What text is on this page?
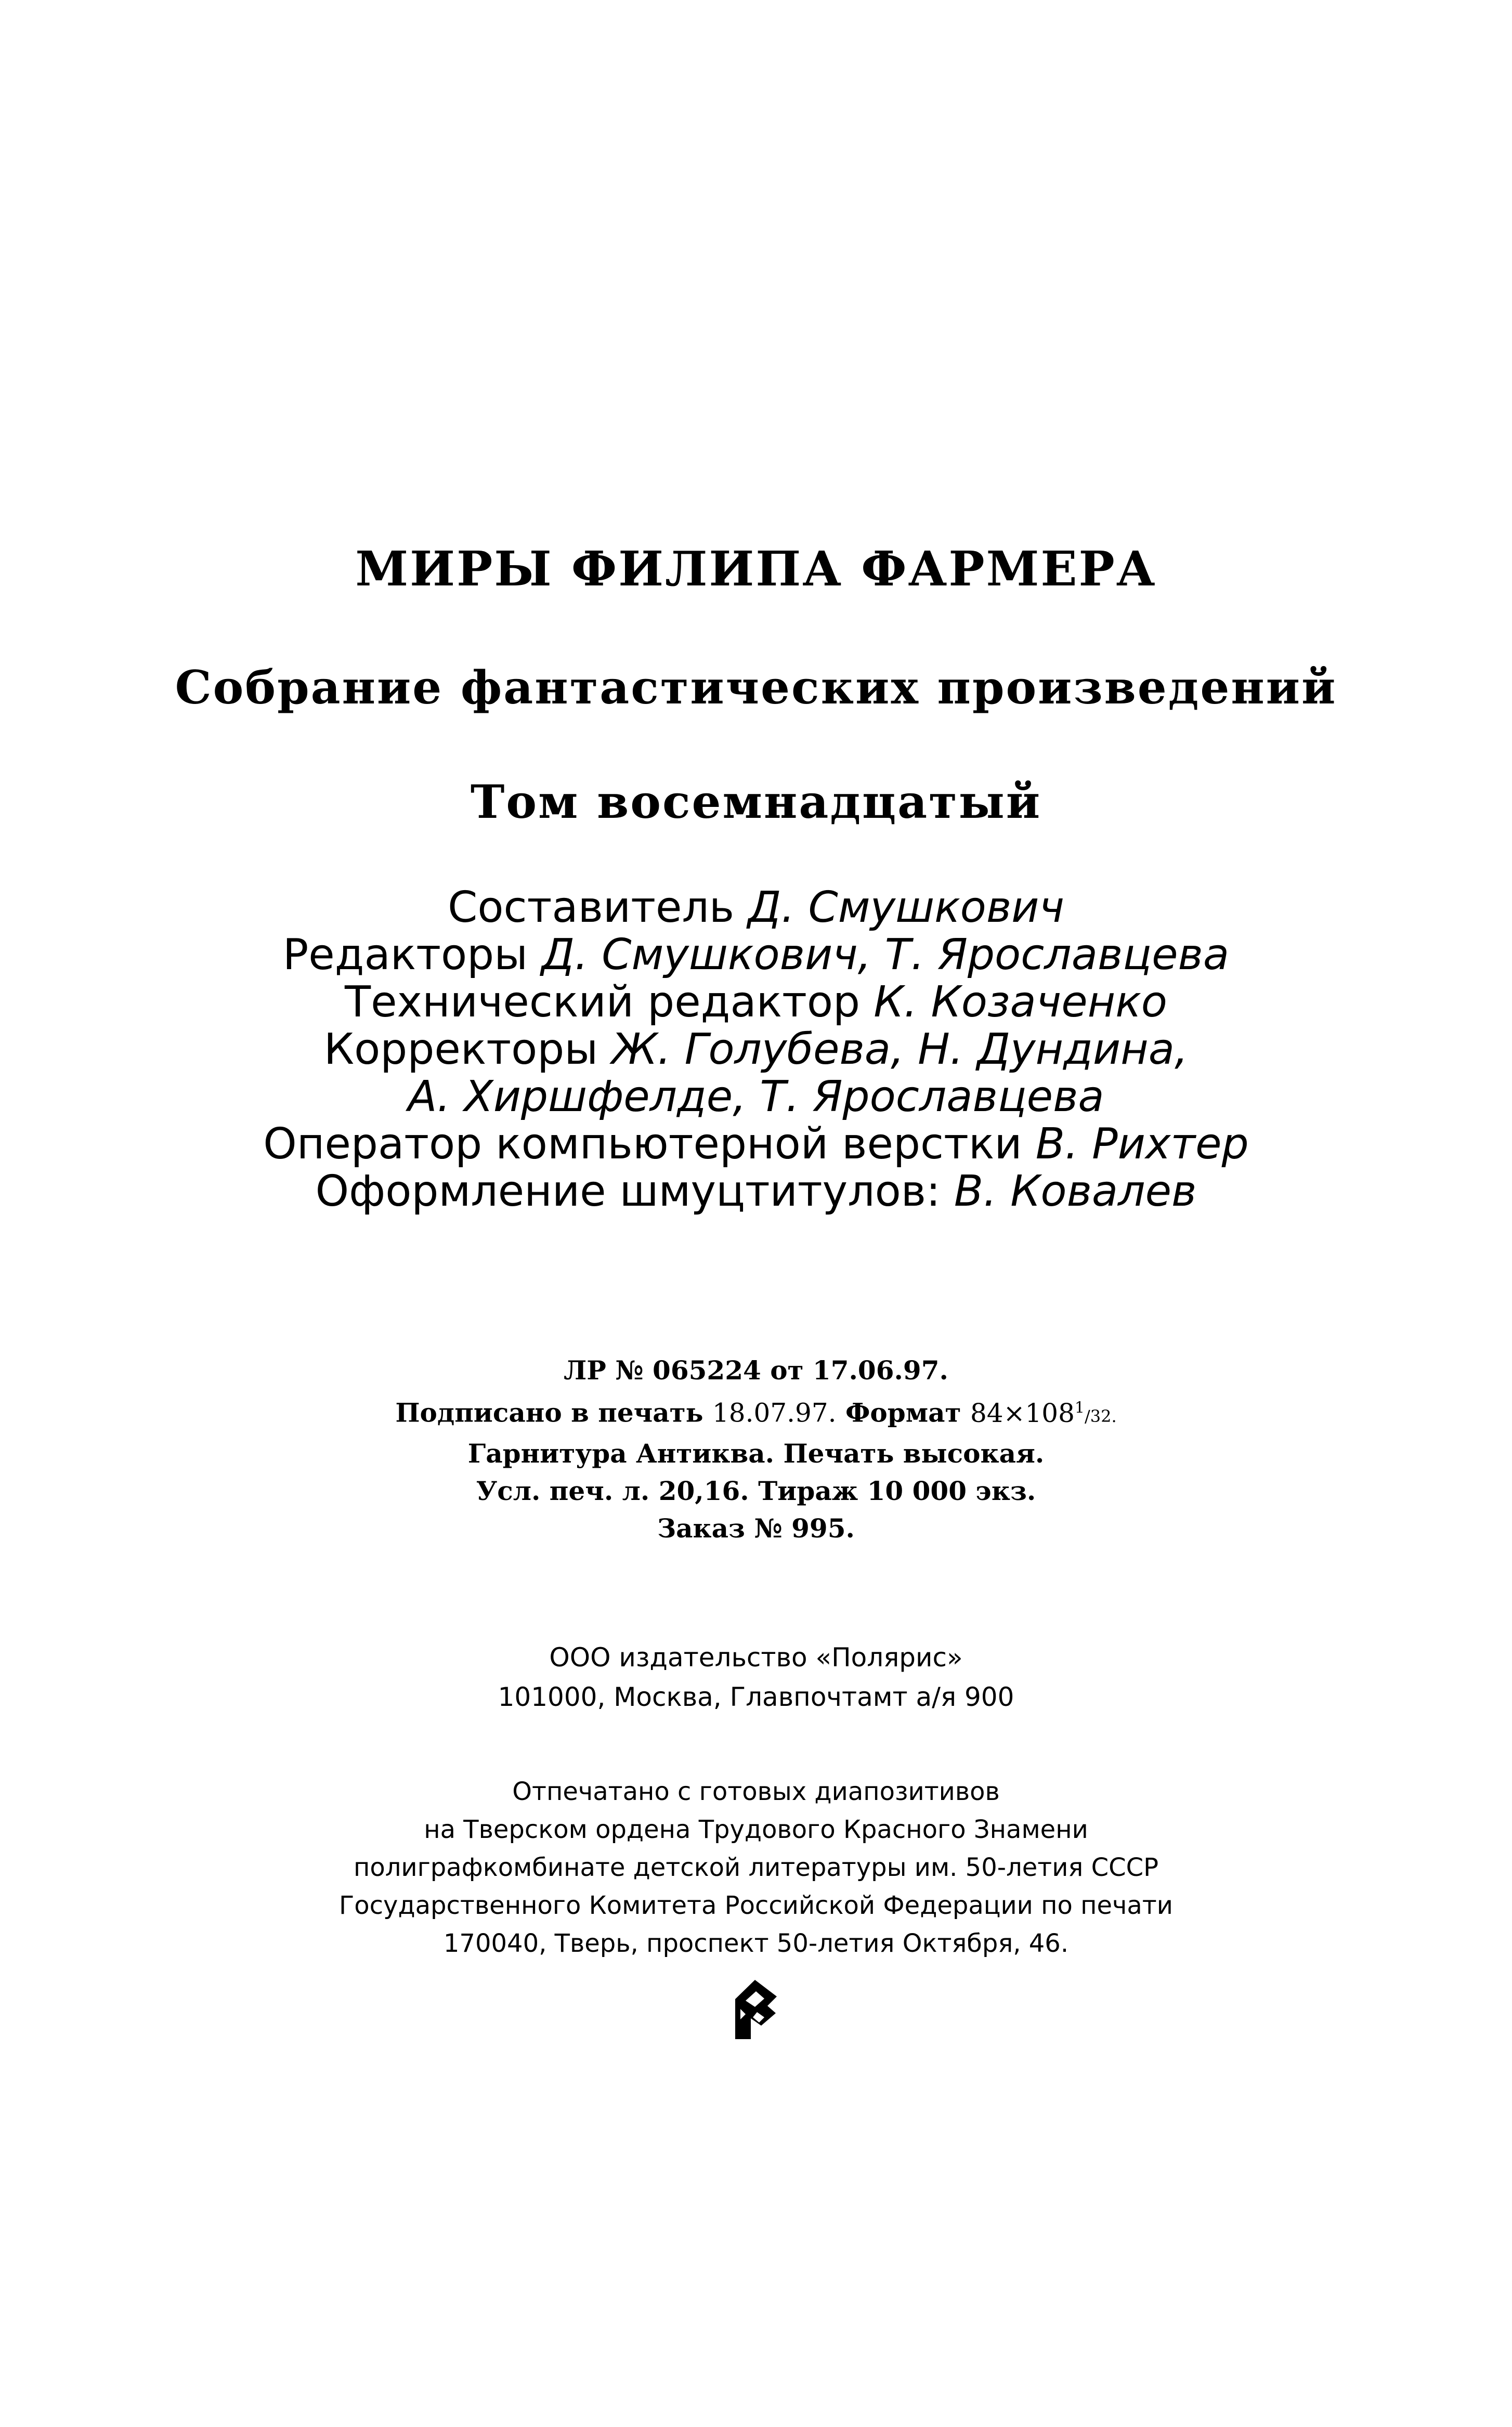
МИРЫ ФИЛИПА ФАРМЕРА
Собрание фантастических произведений
Том восемнадцатый
Составитель Д. Смушкович
Редакторы Д. Смушкович, Т. Ярославцева
Технический редактор К. Козаченко
Корректоры Ж. Голубева, Н. Дундина,
А. Хиршфелде, Т. Ярославцева
Оператор компьютерной верстки В. Рихтер
Оформление шмуцтитулов: В. Ковалев
ЛР № 065224 от 17.06.97.
Подписано в печать 18.07.97. Формат $84\times 108^1/32$.
Гарнитура Антиква. Печать высокая.
Усл. печ. л. 20,16. Тираж 10 000 экз.
Заказ № 995.
ООО издательство «Полярис»
101000, Москва, Главпочтамт а/я 900
Отпечатано с готовых диапозитивов
на Тверском ордена Трудового Красного Знамени
полиграфкомбинате детской литературы им. 50-летия СССР
Государственного Комитета Российской Федерации по печати
170040, Тверь, проспект 50-летия Октября, 46.
